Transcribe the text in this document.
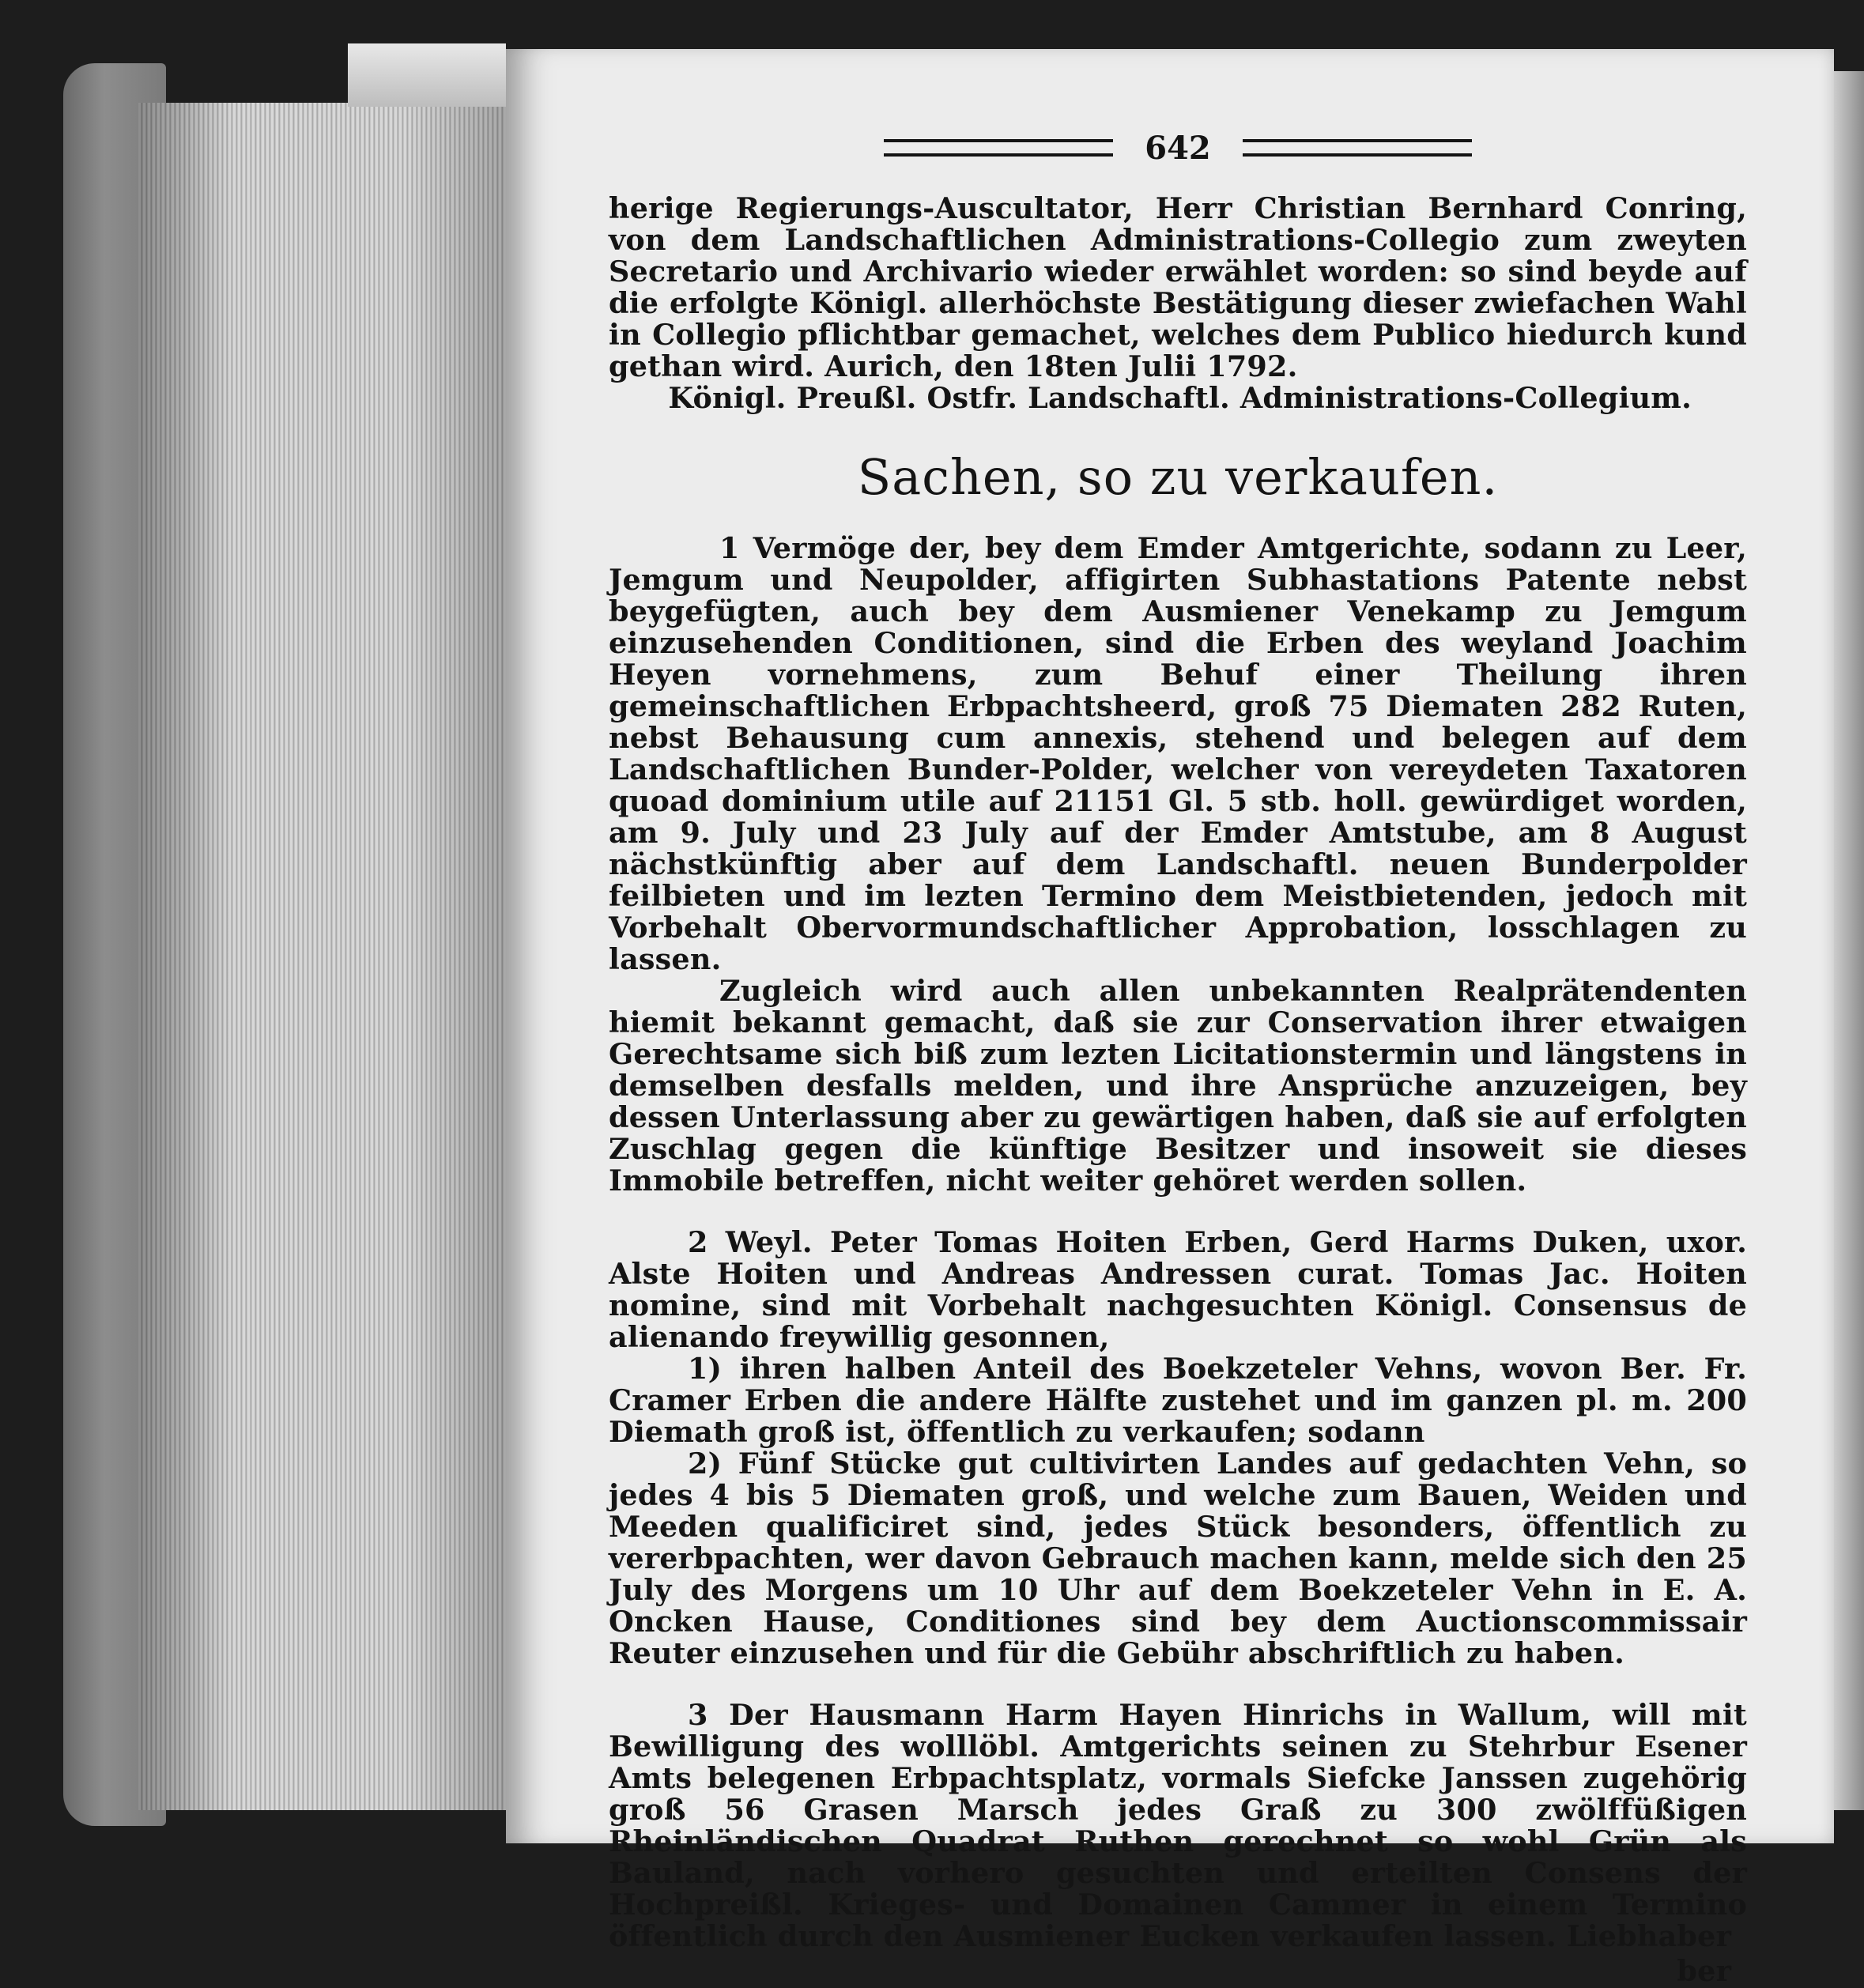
642

herige Regierungs-Auscultator, Herr Christian Bernhard Conring, von dem Landschaftlichen Administrations-Collegio zum zweyten Secretario und Archivario wieder erwählet worden: so sind beyde auf die erfolgte Königl. allerhöchste Bestätigung dieser zwiefachen Wahl in Collegio pflichtbar gemachet, welches dem Publico hiedurch kund gethan wird. Aurich, den 18ten Julii 1792.

Königl. Preußl. Ostfr. Landschaftl. Administrations-Collegium.

Sachen, so zu verkaufen.

1 Vermöge der, bey dem Emder Amtgerichte, sodann zu Leer, Jemgum und Neupolder, affigirten Subhastations Patente nebst beygefügten, auch bey dem Ausmiener Venekamp zu Jemgum einzusehenden Conditionen, sind die Erben des weyland Joachim Heyen vornehmens, zum Behuf einer Theilung ihren gemeinschaftlichen Erbpachtsheerd, groß 75 Diematen 282 Ruten, nebst Behausung cum annexis, stehend und belegen auf dem Landschaftlichen Bunder-Polder, welcher von vereydeten Taxatoren quoad dominium utile auf 21151 Gl. 5 stb. holl. gewürdiget worden, am 9. July und 23 July auf der Emder Amtstube, am 8 August nächstkünftig aber auf dem Landschaftl. neuen Bunderpolder feilbieten und im lezten Termino dem Meistbietenden, jedoch mit Vorbehalt Obervormundschaftlicher Approbation, losschlagen zu lassen.

Zugleich wird auch allen unbekannten Realprätendenten hiemit bekannt gemacht, daß sie zur Conservation ihrer etwaigen Gerechtsame sich biß zum lezten Licitationstermin und längstens in demselben desfalls melden, und ihre Ansprüche anzuzeigen, bey dessen Unterlassung aber zu gewärtigen haben, daß sie auf erfolgten Zuschlag gegen die künftige Besitzer und insoweit sie dieses Immobile betreffen, nicht weiter gehöret werden sollen.

2 Weyl. Peter Tomas Hoiten Erben, Gerd Harms Duken, uxor. Alste Hoiten und Andreas Andressen curat. Tomas Jac. Hoiten nomine, sind mit Vorbehalt nachgesuchten Königl. Consensus de alienando freywillig gesonnen,

1) ihren halben Anteil des Boekzeteler Vehns, wovon Ber. Fr. Cramer Erben die andere Hälfte zustehet und im ganzen pl. m. 200 Diemath groß ist, öffentlich zu verkaufen; sodann

2) Fünf Stücke gut cultivirten Landes auf gedachten Vehn, so jedes 4 bis 5 Diematen groß, und welche zum Bauen, Weiden und Meeden qualificiret sind, jedes Stück besonders, öffentlich zu vererbpachten, wer davon Gebrauch machen kann, melde sich den 25 July des Morgens um 10 Uhr auf dem Boekzeteler Vehn in E. A. Oncken Hause, Conditiones sind bey dem Auctionscommissair Reuter einzusehen und für die Gebühr abschriftlich zu haben.

3 Der Hausmann Harm Hayen Hinrichs in Wallum, will mit Bewilligung des wolllöbl. Amtgerichts seinen zu Stehrbur Esener Amts belegenen Erbpachtsplatz, vormals Siefcke Janssen zugehörig groß 56 Grasen Marsch jedes Graß zu 300 zwölffüßigen Rheinländischen Quadrat Ruthen gerechnet so wohl Grün als Bauland, nach vorhero gesuchten und erteilten Consens der Hochpreißl. Krieges- und Domainen Cammer in einem Termino öffentlich durch den Ausmiener Eucken verkaufen lassen. Liebhaber

ber
